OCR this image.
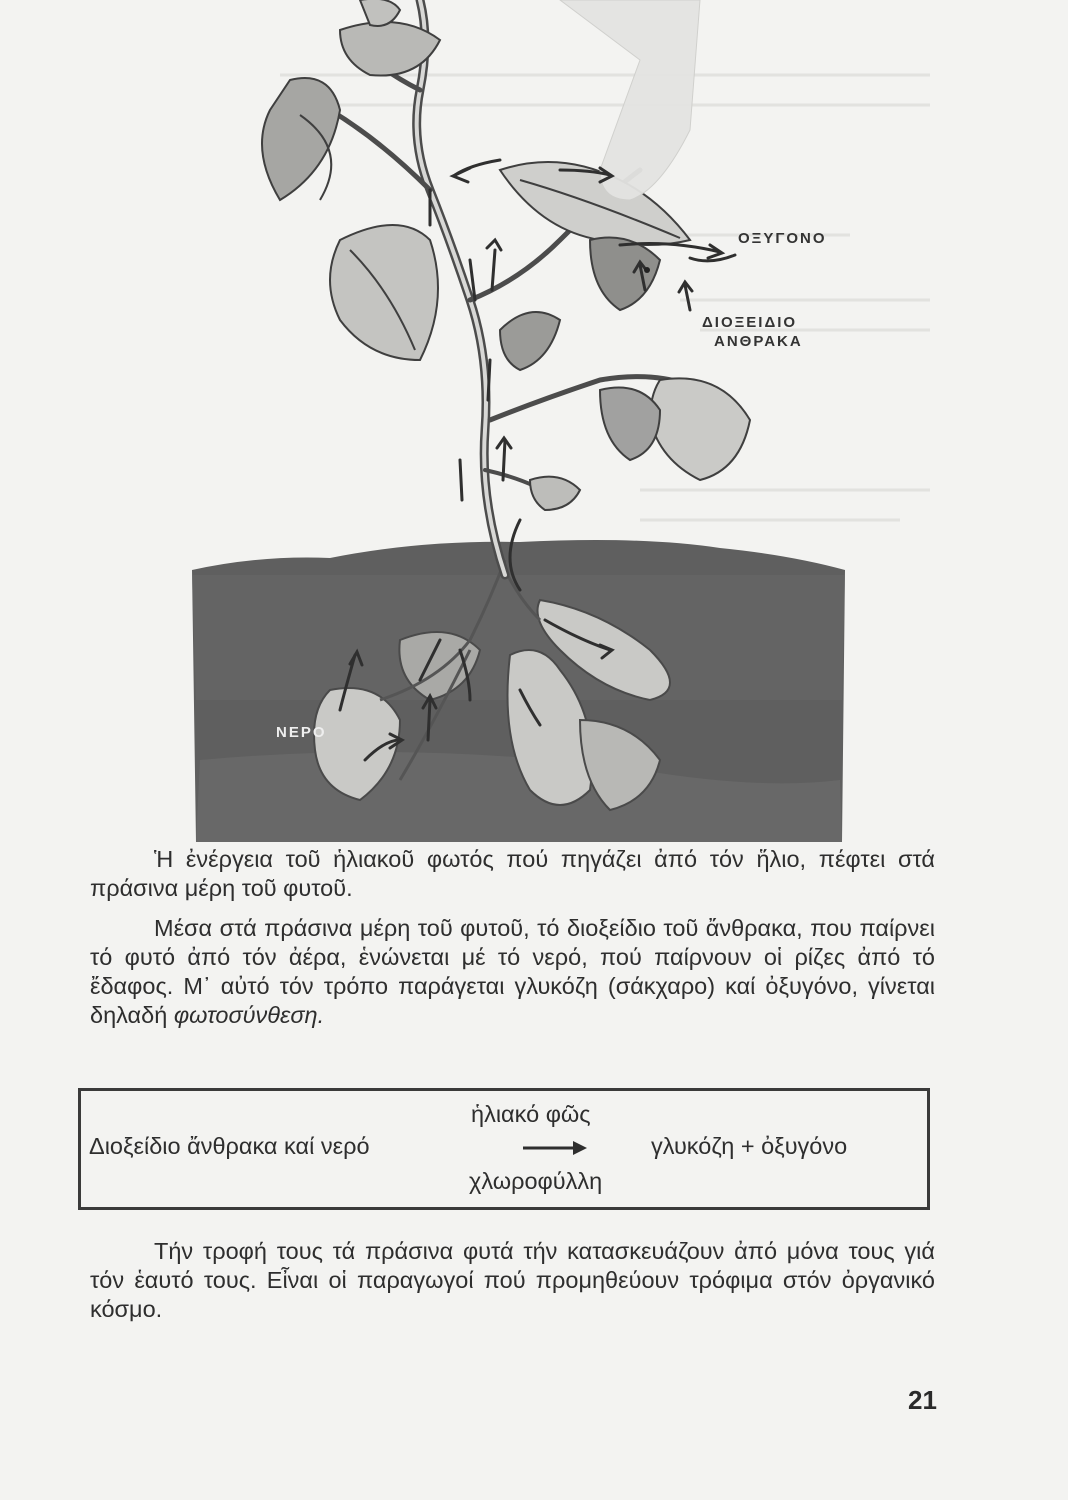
ΟΞΥΓΟΝΟ
ΔΙΟΞΕΙΔΙΟ
ΑΝΘΡΑΚΑ
ΝΕΡΟ

Ἡ ἐνέργεια τοῦ ἡλιακοῦ φωτός πού πηγάζει ἀπό τόν ἥλιο, πέφτει στά πράσινα μέρη τοῦ φυτοῦ.

Μέσα στά πράσινα μέρη τοῦ φυτοῦ, τό διοξείδιο τοῦ ἄνθρακα, που παίρνει τό φυτό ἀπό τόν ἀέρα, ἑνώνεται μέ τό νερό, πού παίρνουν οἱ ρίζες ἀπό τό ἔδαφος. Μ᾽ αὐτό τόν τρόπο παράγεται γλυκόζη (σάκχαρο) καί ὀξυγόνο, γίνεται δηλαδή φωτοσύνθεση.

ἡλιακό φῶς
Διοξείδιο ἄνθρακα καί νερό	γλυκόζη + ὀξυγόνο
χλωροφύλλη

Τήν τροφή τους τά πράσινα φυτά τήν κατασκευάζουν ἀπό μόνα τους γιά τόν ἑαυτό τους. Εἶναι οἱ παραγωγοί πού προμηθεύουν τρόφιμα στόν ὀργανικό κόσμο.

21
